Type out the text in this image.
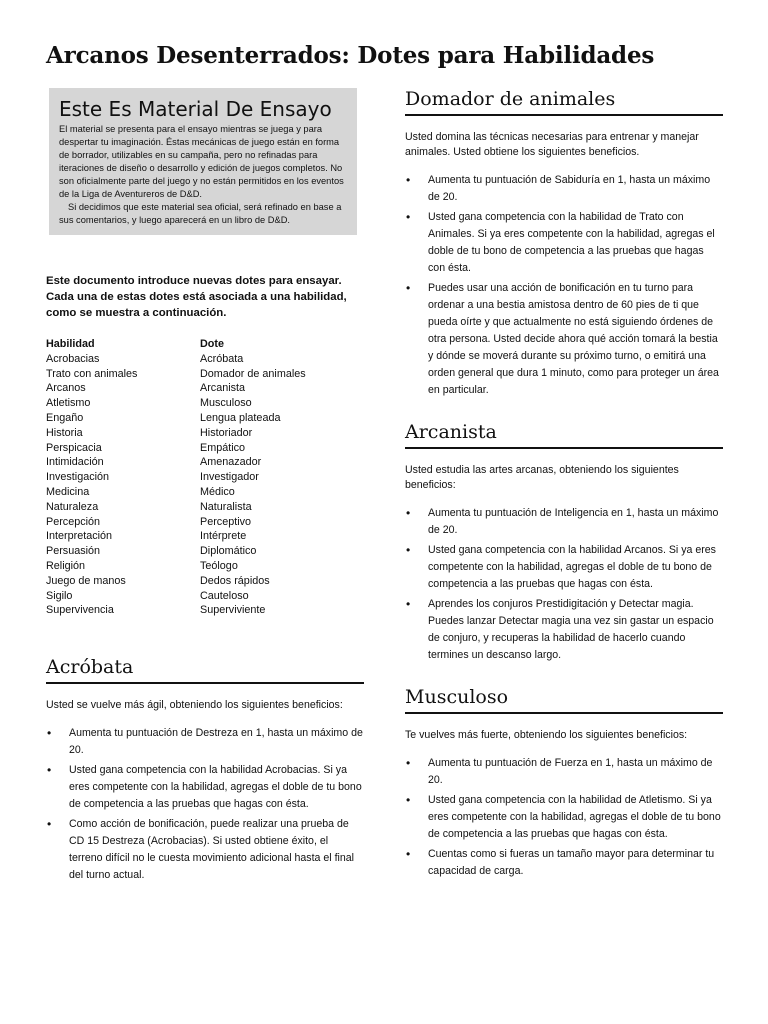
Arcanos Desenterrados: Dotes para Habilidades
Este Es Material De Ensayo

El material se presenta para el ensayo mientras se juega y para despertar tu imaginación. Éstas mecánicas de juego están en forma de borrador, utilizables en su campaña, pero no refinadas para iteraciones de diseño o desarrollo y edición de juegos completos. No son oficialmente parte del juego y no están permitidos en los eventos de la Liga de Aventureros de D&D.

Si decidimos que este material sea oficial, será refinado en base a sus comentarios, y luego aparecerá en un libro de D&D.

Este documento introduce nuevas dotes para ensayar. Cada una de estas dotes está asociada a una habilidad, como se muestra a continuación.
Habilidad	Dote
Acrobacias	Acróbata
Trato con animales	Domador de animales
Arcanos	Arcanista
Atletismo	Musculoso
Engaño	Lengua plateada
Historia	Historiador
Perspicacia	Empático
Intimidación	Amenazador
Investigación	Investigador
Medicina	Médico
Naturaleza	Naturalista
Percepción	Perceptivo
Interpretación	Intérprete
Persuasión	Diplomático
Religión	Teólogo
Juego de manos	Dedos rápidos
Sigilo	Cauteloso
Supervivencia	Superviviente
Acróbata
Usted se vuelve más ágil, obteniendo los siguientes beneficios:
• Aumenta tu puntuación de Destreza en 1, hasta un máximo de 20.
• Usted gana competencia con la habilidad Acrobacias. Si ya eres competente con la habilidad, agregas el doble de tu bono de competencia a las pruebas que hagas con ésta.
• Como acción de bonificación, puede realizar una prueba de CD 15 Destreza (Acrobacias). Si usted obtiene éxito, el terreno difícil no le cuesta movimiento adicional hasta el final del turno actual.
Domador de animales
Usted domina las técnicas necesarias para entrenar y manejar animales. Usted obtiene los siguientes beneficios.
• Aumenta tu puntuación de Sabiduría en 1, hasta un máximo de 20.
• Usted gana competencia con la habilidad de Trato con Animales. Si ya eres competente con la habilidad, agregas el doble de tu bono de competencia a las pruebas que hagas con ésta.
• Puedes usar una acción de bonificación en tu turno para ordenar a una bestia amistosa dentro de 60 pies de ti que pueda oírte y que actualmente no está siguiendo órdenes de otra persona. Usted decide ahora qué acción tomará la bestia y dónde se moverá durante su próximo turno, o emitirá una orden general que dura 1 minuto, como para proteger un área en particular.
Arcanista
Usted estudia las artes arcanas, obteniendo los siguientes beneficios:
• Aumenta tu puntuación de Inteligencia en 1, hasta un máximo de 20.
• Usted gana competencia con la habilidad Arcanos. Si ya eres competente con la habilidad, agregas el doble de tu bono de competencia a las pruebas que hagas con ésta.
• Aprendes los conjuros Prestidigitación y Detectar magia. Puedes lanzar Detectar magia una vez sin gastar un espacio de conjuro, y recuperas la habilidad de hacerlo cuando termines un descanso largo.
Musculoso
Te vuelves más fuerte, obteniendo los siguientes beneficios:
• Aumenta tu puntuación de Fuerza en 1, hasta un máximo de 20.
• Usted gana competencia con la habilidad de Atletismo. Si ya eres competente con la habilidad, agregas el doble de tu bono de competencia a las pruebas que hagas con ésta.
• Cuentas como si fueras un tamaño mayor para determinar tu capacidad de carga.
